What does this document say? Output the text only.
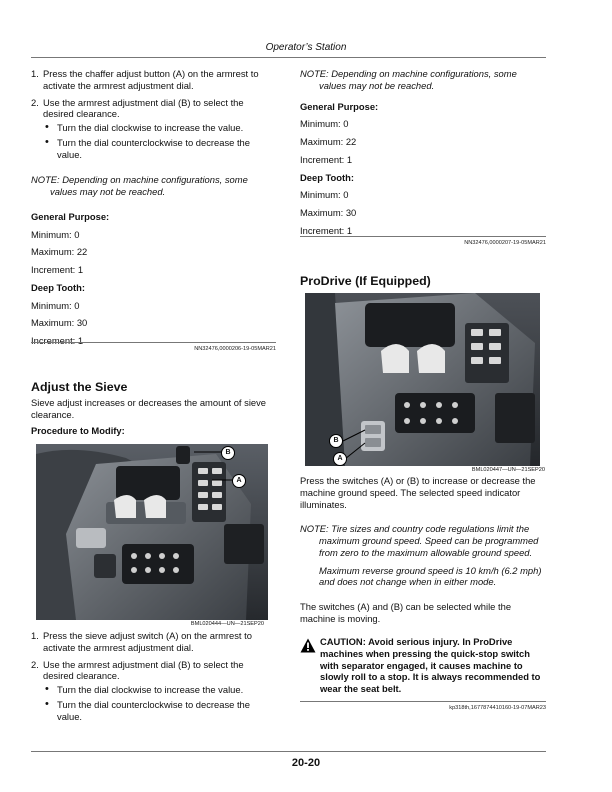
Operator’s Station
1. Press the chaffer adjust button (A) on the armrest to activate the armrest adjustment dial.
2. Use the armrest adjustment dial (B) to select the desired clearance.
• Turn the dial clockwise to increase the value.
• Turn the dial counterclockwise to decrease the value.
NOTE: Depending on machine configurations, some
values may not be reached.

General Purpose:

Minimum: 0

Maximum: 22

Increment: 1

Deep Tooth:

Minimum: 0

Maximum: 30

Increment: 1

NN32476,0000206-19-05MAR21
Adjust the Sieve
Sieve adjust increases or decreases the amount of sieve clearance.
Procedure to Modify:
B
A
BML020444—UN—21SEP20
1. Press the sieve adjust switch (A) on the armrest to activate the armrest adjustment dial.
2. Use the armrest adjustment dial (B) to select the desired clearance.
• Turn the dial clockwise to increase the value.
• Turn the dial counterclockwise to decrease the value.
NOTE: Depending on machine configurations, some
values may not be reached.

General Purpose:

Minimum: 0

Maximum: 22

Increment: 1

Deep Tooth:

Minimum: 0

Maximum: 30

Increment: 1

NN32476,0000207-19-05MAR21
ProDrive (If Equipped)
B
A
BML020447—UN—21SEP20
Press the switches (A) or (B) to increase or decrease the machine ground speed. The selected speed indicator illuminates.
NOTE: Tire sizes and country code regulations limit the
maximum ground speed. Speed can be programmed from zero to the maximum allowable ground speed.
Maximum reverse ground speed is 10 km/h (6.2 mph) and does not change when in either mode.
The switches (A) and (B) can be selected while the machine is moving.
CAUTION: Avoid serious injury. In ProDrive machines when pressing the quick-stop switch with separator engaged, it causes machine to slowly roll to a stop. It is always recommended to wear the seat belt.
kp318th,1677874410160-19-07MAR23
20-20
